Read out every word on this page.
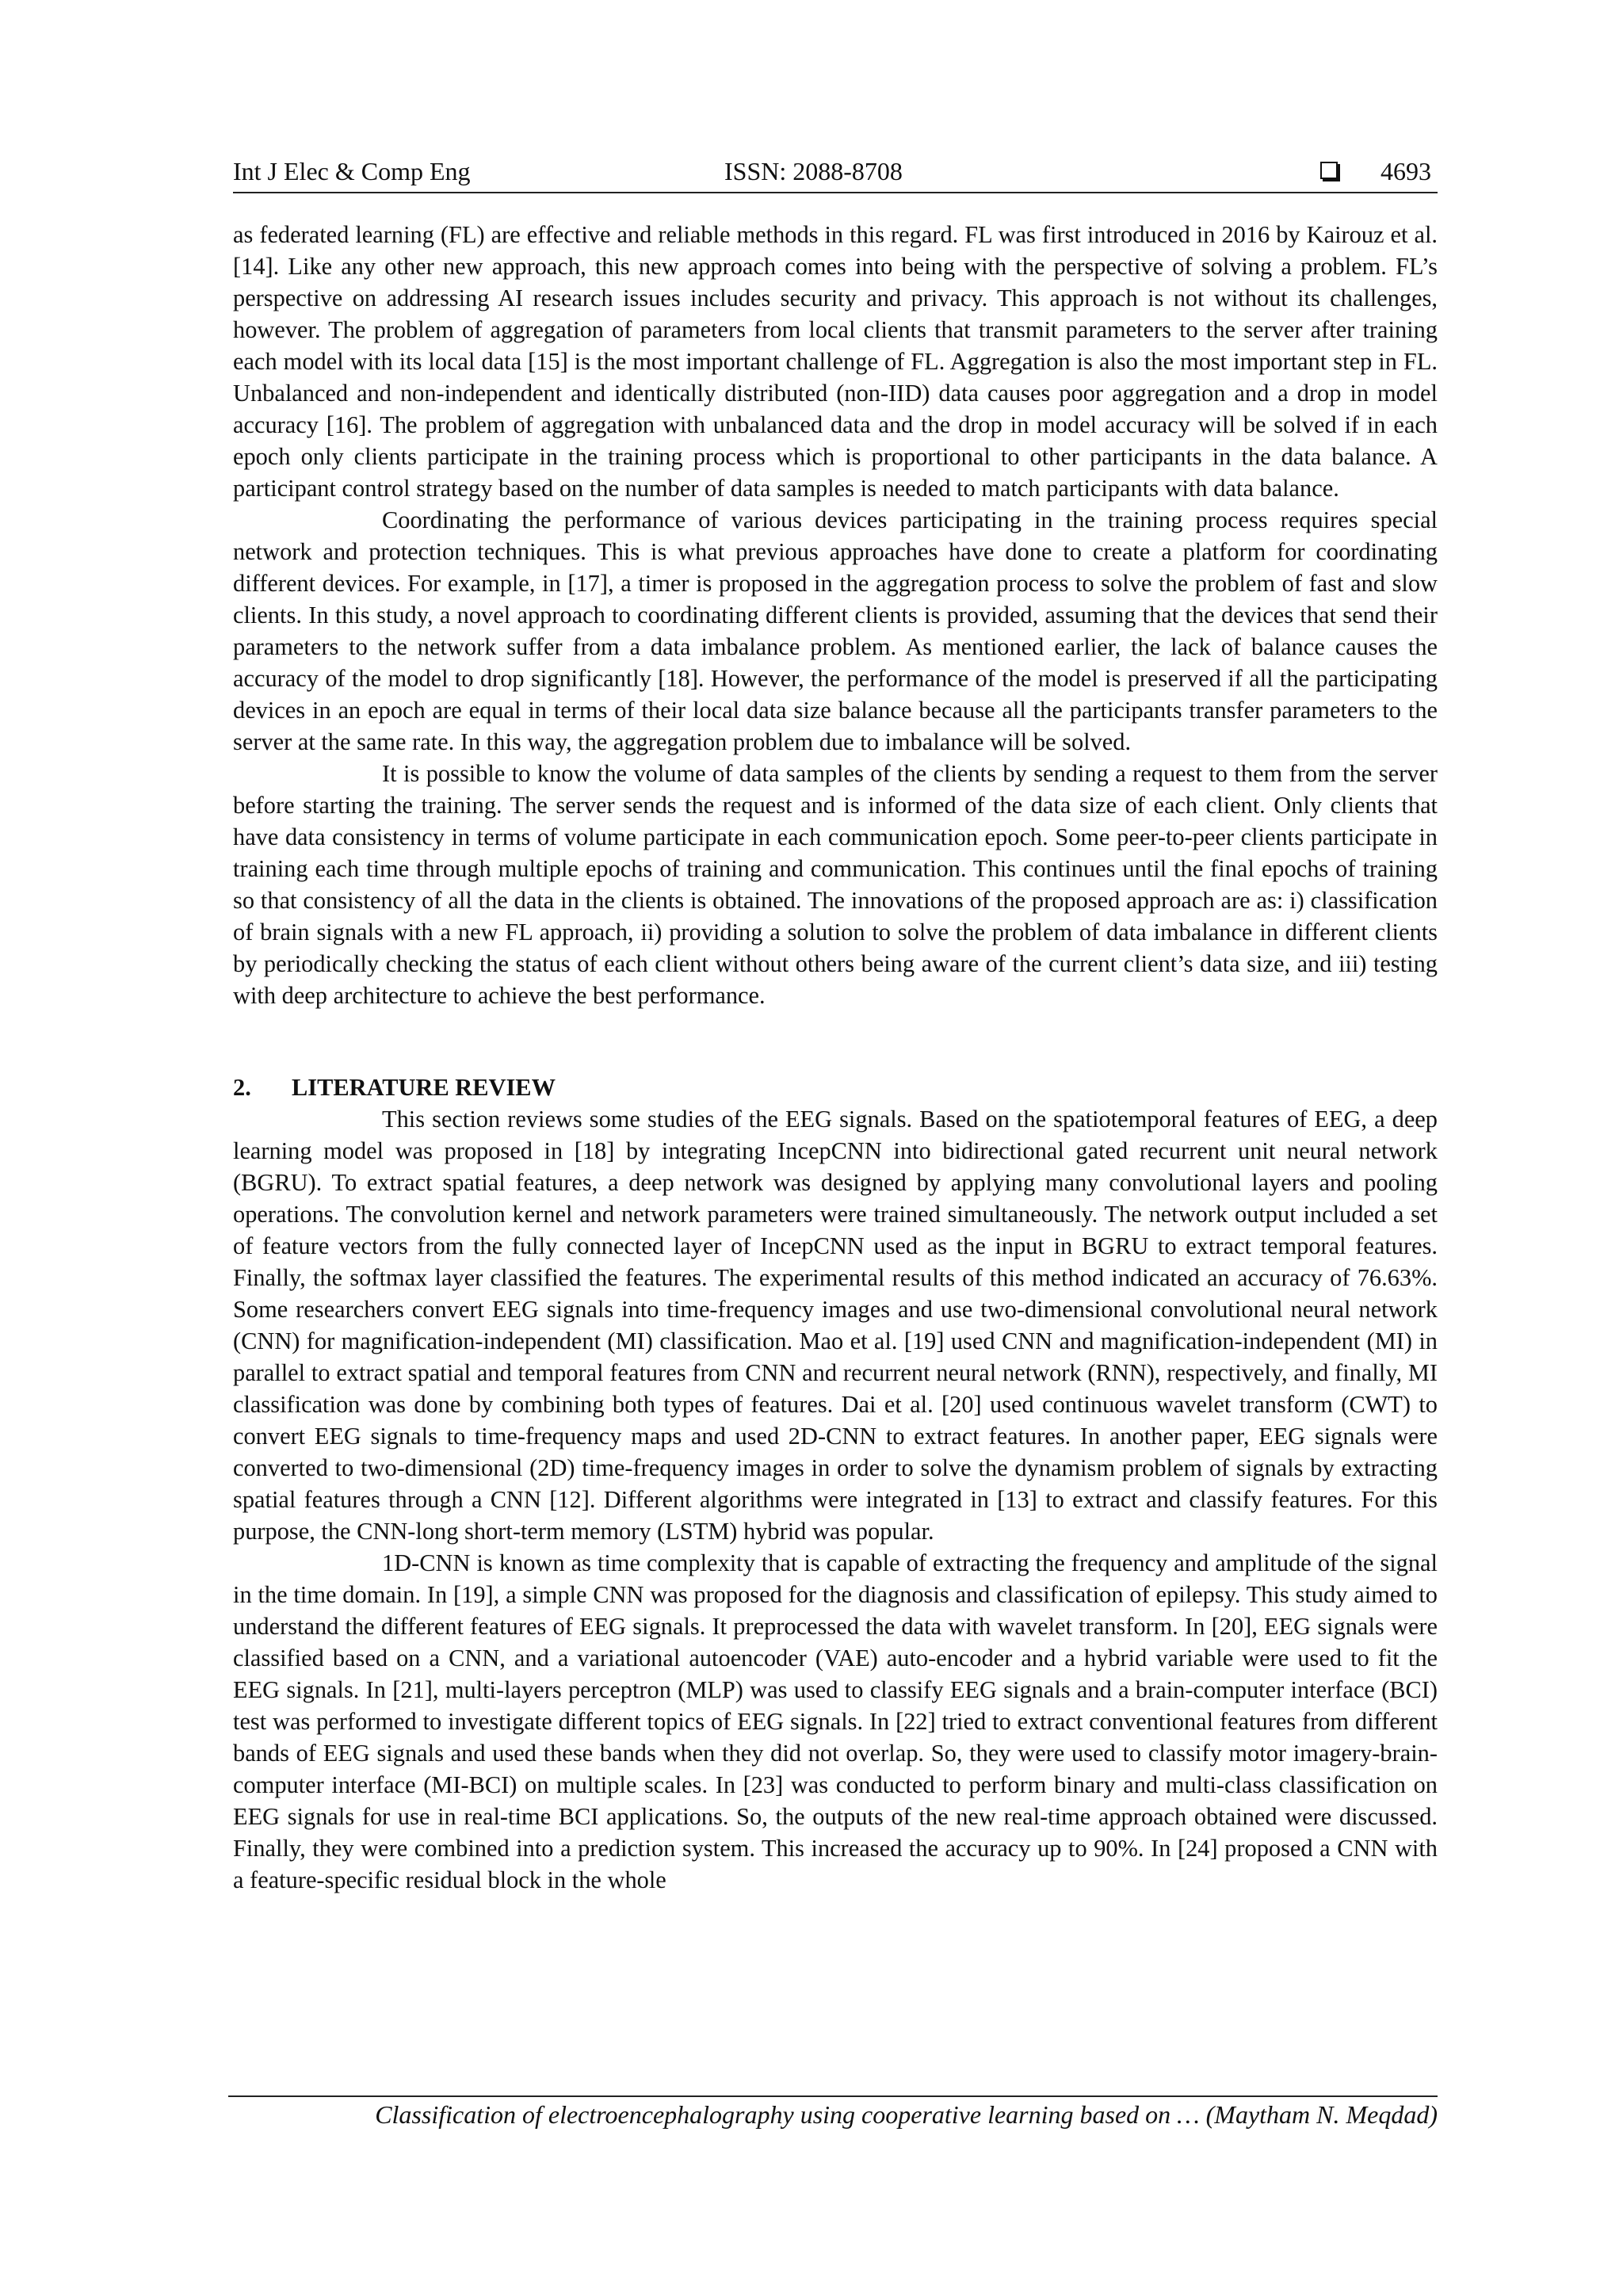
Int J Elec & Comp Eng	ISSN: 2088-8708	4693

as federated learning (FL) are effective and reliable methods in this regard. FL was first introduced in 2016 by Kairouz et al. [14]. Like any other new approach, this new approach comes into being with the perspective of solving a problem. FL’s perspective on addressing AI research issues includes security and privacy. This approach is not without its challenges, however. The problem of aggregation of parameters from local clients that transmit parameters to the server after training each model with its local data [15] is the most important challenge of FL. Aggregation is also the most important step in FL. Unbalanced and non-independent and identically distributed (non-IID) data causes poor aggregation and a drop in model accuracy [16]. The problem of aggregation with unbalanced data and the drop in model accuracy will be solved if in each epoch only clients participate in the training process which is proportional to other participants in the data balance. A participant control strategy based on the number of data samples is needed to match participants with data balance.

Coordinating the performance of various devices participating in the training process requires special network and protection techniques. This is what previous approaches have done to create a platform for coordinating different devices. For example, in [17], a timer is proposed in the aggregation process to solve the problem of fast and slow clients. In this study, a novel approach to coordinating different clients is provided, assuming that the devices that send their parameters to the network suffer from a data imbalance problem. As mentioned earlier, the lack of balance causes the accuracy of the model to drop significantly [18]. However, the performance of the model is preserved if all the participating devices in an epoch are equal in terms of their local data size balance because all the participants transfer parameters to the server at the same rate. In this way, the aggregation problem due to imbalance will be solved.

It is possible to know the volume of data samples of the clients by sending a request to them from the server before starting the training. The server sends the request and is informed of the data size of each client. Only clients that have data consistency in terms of volume participate in each communication epoch. Some peer-to-peer clients participate in training each time through multiple epochs of training and communication. This continues until the final epochs of training so that consistency of all the data in the clients is obtained. The innovations of the proposed approach are as: i) classification of brain signals with a new FL approach, ii) providing a solution to solve the problem of data imbalance in different clients by periodically checking the status of each client without others being aware of the current client’s data size, and iii) testing with deep architecture to achieve the best performance.

2. LITERATURE REVIEW

This section reviews some studies of the EEG signals. Based on the spatiotemporal features of EEG, a deep learning model was proposed in [18] by integrating IncepCNN into bidirectional gated recurrent unit neural network (BGRU). To extract spatial features, a deep network was designed by applying many convolutional layers and pooling operations. The convolution kernel and network parameters were trained simultaneously. The network output included a set of feature vectors from the fully connected layer of IncepCNN used as the input in BGRU to extract temporal features. Finally, the softmax layer classified the features. The experimental results of this method indicated an accuracy of 76.63%. Some researchers convert EEG signals into time-frequency images and use two-dimensional convolutional neural network (CNN) for magnification-independent (MI) classification. Mao et al. [19] used CNN and magnification-independent (MI) in parallel to extract spatial and temporal features from CNN and recurrent neural network (RNN), respectively, and finally, MI classification was done by combining both types of features. Dai et al. [20] used continuous wavelet transform (CWT) to convert EEG signals to time-frequency maps and used 2D-CNN to extract features. In another paper, EEG signals were converted to two-dimensional (2D) time-frequency images in order to solve the dynamism problem of signals by extracting spatial features through a CNN [12]. Different algorithms were integrated in [13] to extract and classify features. For this purpose, the CNN-long short-term memory (LSTM) hybrid was popular.

1D-CNN is known as time complexity that is capable of extracting the frequency and amplitude of the signal in the time domain. In [19], a simple CNN was proposed for the diagnosis and classification of epilepsy. This study aimed to understand the different features of EEG signals. It preprocessed the data with wavelet transform. In [20], EEG signals were classified based on a CNN, and a variational autoencoder (VAE) auto-encoder and a hybrid variable were used to fit the EEG signals. In [21], multi-layers perceptron (MLP) was used to classify EEG signals and a brain-computer interface (BCI) test was performed to investigate different topics of EEG signals. In [22] tried to extract conventional features from different bands of EEG signals and used these bands when they did not overlap. So, they were used to classify motor imagery-brain-computer interface (MI-BCI) on multiple scales. In [23] was conducted to perform binary and multi-class classification on EEG signals for use in real-time BCI applications. So, the outputs of the new real-time approach obtained were discussed. Finally, they were combined into a prediction system. This increased the accuracy up to 90%. In [24] proposed a CNN with a feature-specific residual block in the whole

Classification of electroencephalography using cooperative learning based on … (Maytham N. Meqdad)
